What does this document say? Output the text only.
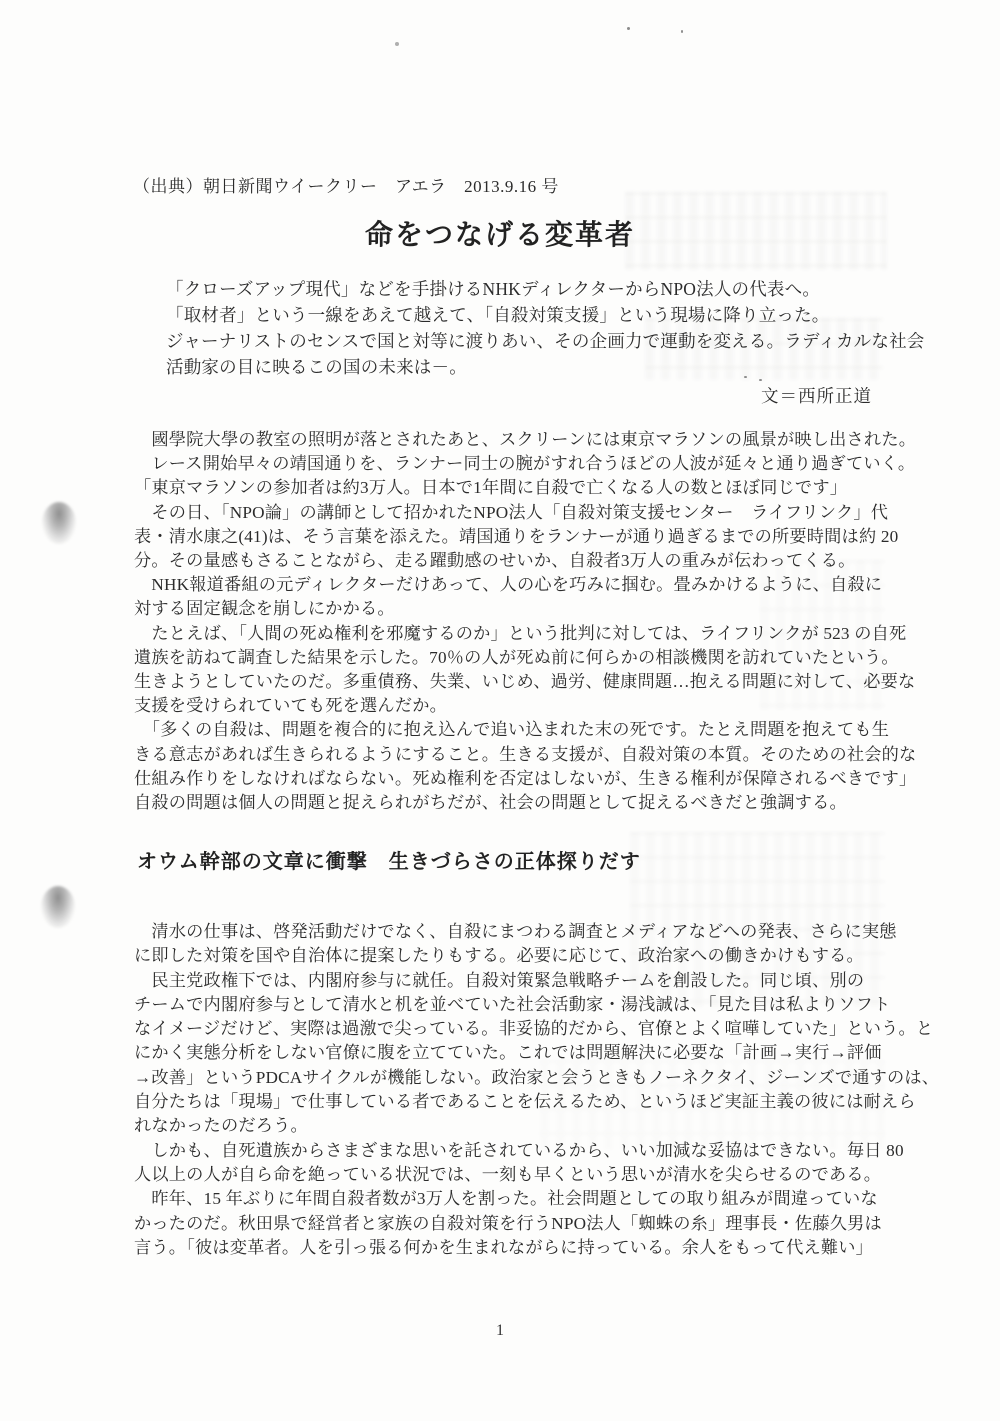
（出典）朝日新聞ウイークリー　アエラ　2013.9.16 号
命をつなげる変革者
「クローズアップ現代」などを手掛けるNHKディレクターからNPO法人の代表へ。
「取材者」という一線をあえて越えて、「自殺対策支援」という現場に降り立った。
ジャーナリストのセンスで国と対等に渡りあい、その企画力で運動を変える。ラディカルな社会
活動家の目に映るこの国の未来は－。
文＝西所正道
　國學院大學の教室の照明が落とされたあと、スクリーンには東京マラソンの風景が映し出された。
　レース開始早々の靖国通りを、ランナー同士の腕がすれ合うほどの人波が延々と通り過ぎていく。
「東京マラソンの参加者は約3万人。日本で1年間に自殺で亡くなる人の数とほぼ同じです」
　その日、「NPO論」の講師として招かれたNPO法人「自殺対策支援センター　ライフリンク」代
表・清水康之(41)は、そう言葉を添えた。靖国通りをランナーが通り過ぎるまでの所要時間は約 20
分。その量感もさることながら、走る躍動感のせいか、自殺者3万人の重みが伝わってくる。
　NHK報道番組の元ディレクターだけあって、人の心を巧みに掴む。畳みかけるように、自殺に
対する固定観念を崩しにかかる。
　たとえば、「人間の死ぬ権利を邪魔するのか」という批判に対しては、ライフリンクが 523 の自死
遺族を訪ねて調査した結果を示した。70％の人が死ぬ前に何らかの相談機関を訪れていたという。
生きようとしていたのだ。多重債務、失業、いじめ、過労、健康問題…抱える問題に対して、必要な
支援を受けられていても死を選んだか。
　「多くの自殺は、問題を複合的に抱え込んで追い込まれた末の死です。たとえ問題を抱えても生
きる意志があれば生きられるようにすること。生きる支援が、自殺対策の本質。そのための社会的な
仕組み作りをしなければならない。死ぬ権利を否定はしないが、生きる権利が保障されるべきです」
自殺の問題は個人の問題と捉えられがちだが、社会の問題として捉えるべきだと強調する。
オウム幹部の文章に衝撃　生きづらさの正体探りだす
　清水の仕事は、啓発活動だけでなく、自殺にまつわる調査とメディアなどへの発表、さらに実態
に即した対策を国や自治体に提案したりもする。必要に応じて、政治家への働きかけもする。
　民主党政権下では、内閣府参与に就任。自殺対策緊急戦略チームを創設した。同じ頃、別の
チームで内閣府参与として清水と机を並べていた社会活動家・湯浅誠は、「見た目は私よりソフト
なイメージだけど、実際は過激で尖っている。非妥協的だから、官僚とよく喧嘩していた」という。と
にかく実態分析をしない官僚に腹を立てていた。これでは問題解決に必要な「計画→実行→評価
→改善」というPDCAサイクルが機能しない。政治家と会うときもノーネクタイ、ジーンズで通すのは、
自分たちは「現場」で仕事している者であることを伝えるため、というほど実証主義の彼には耐えら
れなかったのだろう。
　しかも、自死遺族からさまざまな思いを託されているから、いい加減な妥協はできない。毎日 80
人以上の人が自ら命を絶っている状況では、一刻も早くという思いが清水を尖らせるのである。
　昨年、15 年ぶりに年間自殺者数が3万人を割った。社会問題としての取り組みが間違っていな
かったのだ。秋田県で経営者と家族の自殺対策を行うNPO法人「蜘蛛の糸」理事長・佐藤久男は
言う。「彼は変革者。人を引っ張る何かを生まれながらに持っている。余人をもって代え難い」
1
